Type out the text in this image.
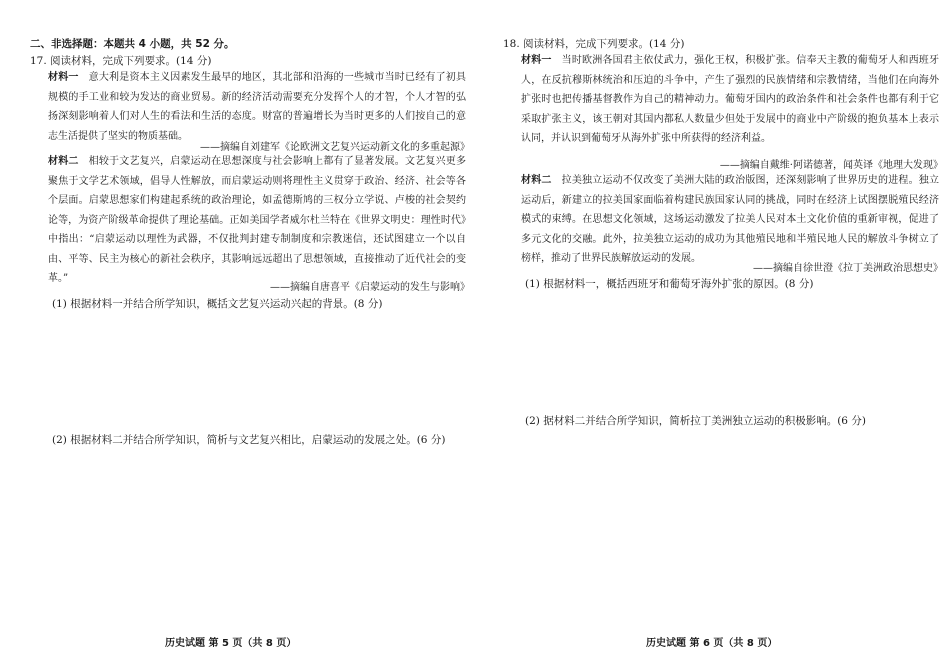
二、非选择题：本题共 4 小题，共 52 分。
17. 阅读材料，完成下列要求。(14 分)

材料一 意大利是资本主义因素发生最早的地区，其北部和沿海的一些城市当时已经有了初具规模的手工业和较为发达的商业贸易。新的经济活动需要充分发挥个人的才智，个人才智的弘扬深刻影响着人们对人生的看法和生活的态度。财富的普遍增长为当时更多的人们按自己的意志生活提供了坚实的物质基础。

——摘编自刘建军《论欧洲文艺复兴运动新文化的多重起源》

材料二 相较于文艺复兴，启蒙运动在思想深度与社会影响上都有了显著发展。文艺复兴更多聚焦于文学艺术领域，倡导人性解放，而启蒙运动则将理性主义贯穿于政治、经济、社会等各个层面。启蒙思想家们构建起系统的政治理论，如孟德斯鸠的三权分立学说、卢梭的社会契约论等，为资产阶级革命提供了理论基础。正如美国学者威尔杜兰特在《世界文明史：理性时代》中指出：“启蒙运动以理性为武器，不仅批判封建专制制度和宗教迷信，还试图建立一个以自由、平等、民主为核心的新社会秩序，其影响远远超出了思想领域，直接推动了近代社会的变革。”

——摘编自唐喜平《启蒙运动的发生与影响》
(1) 根据材料一并结合所学知识，概括文艺复兴运动兴起的背景。(8 分)
(2) 根据材料二并结合所学知识，简析与文艺复兴相比，启蒙运动的发展之处。(6 分)
历史试题 第 5 页（共 8 页）
18. 阅读材料，完成下列要求。(14 分)

材料一 当时欧洲各国君主依仗武力，强化王权，积极扩张。信奉天主教的葡萄牙人和西班牙人，在反抗穆斯林统治和压迫的斗争中，产生了强烈的民族情绪和宗教情绪，当他们在向海外扩张时也把传播基督教作为自己的精神动力。葡萄牙国内的政治条件和社会条件也都有利于它采取扩张主义，该王朝对其国内都私人数量少但处于发展中的商业中产阶级的抱负基本上表示认同，并认识到葡萄牙从海外扩张中所获得的经济利益。

——摘编自戴维·阿诺德著，闻英译《地理大发现》

材料二 拉美独立运动不仅改变了美洲大陆的政治版图，还深刻影响了世界历史的进程。独立运动后，新建立的拉美国家面临着构建民族国家认同的挑战，同时在经济上试图摆脱殖民经济模式的束缚。在思想文化领域，这场运动激发了拉美人民对本土文化价值的重新审视，促进了多元文化的交融。此外，拉美独立运动的成功为其他殖民地和半殖民地人民的解放斗争树立了榜样，推动了世界民族解放运动的发展。

——摘编自徐世澄《拉丁美洲政治思想史》
(1) 根据材料一，概括西班牙和葡萄牙海外扩张的原因。(8 分)
(2) 据材料二并结合所学知识，简析拉丁美洲独立运动的积极影响。(6 分)
历史试题 第 6 页（共 8 页）
